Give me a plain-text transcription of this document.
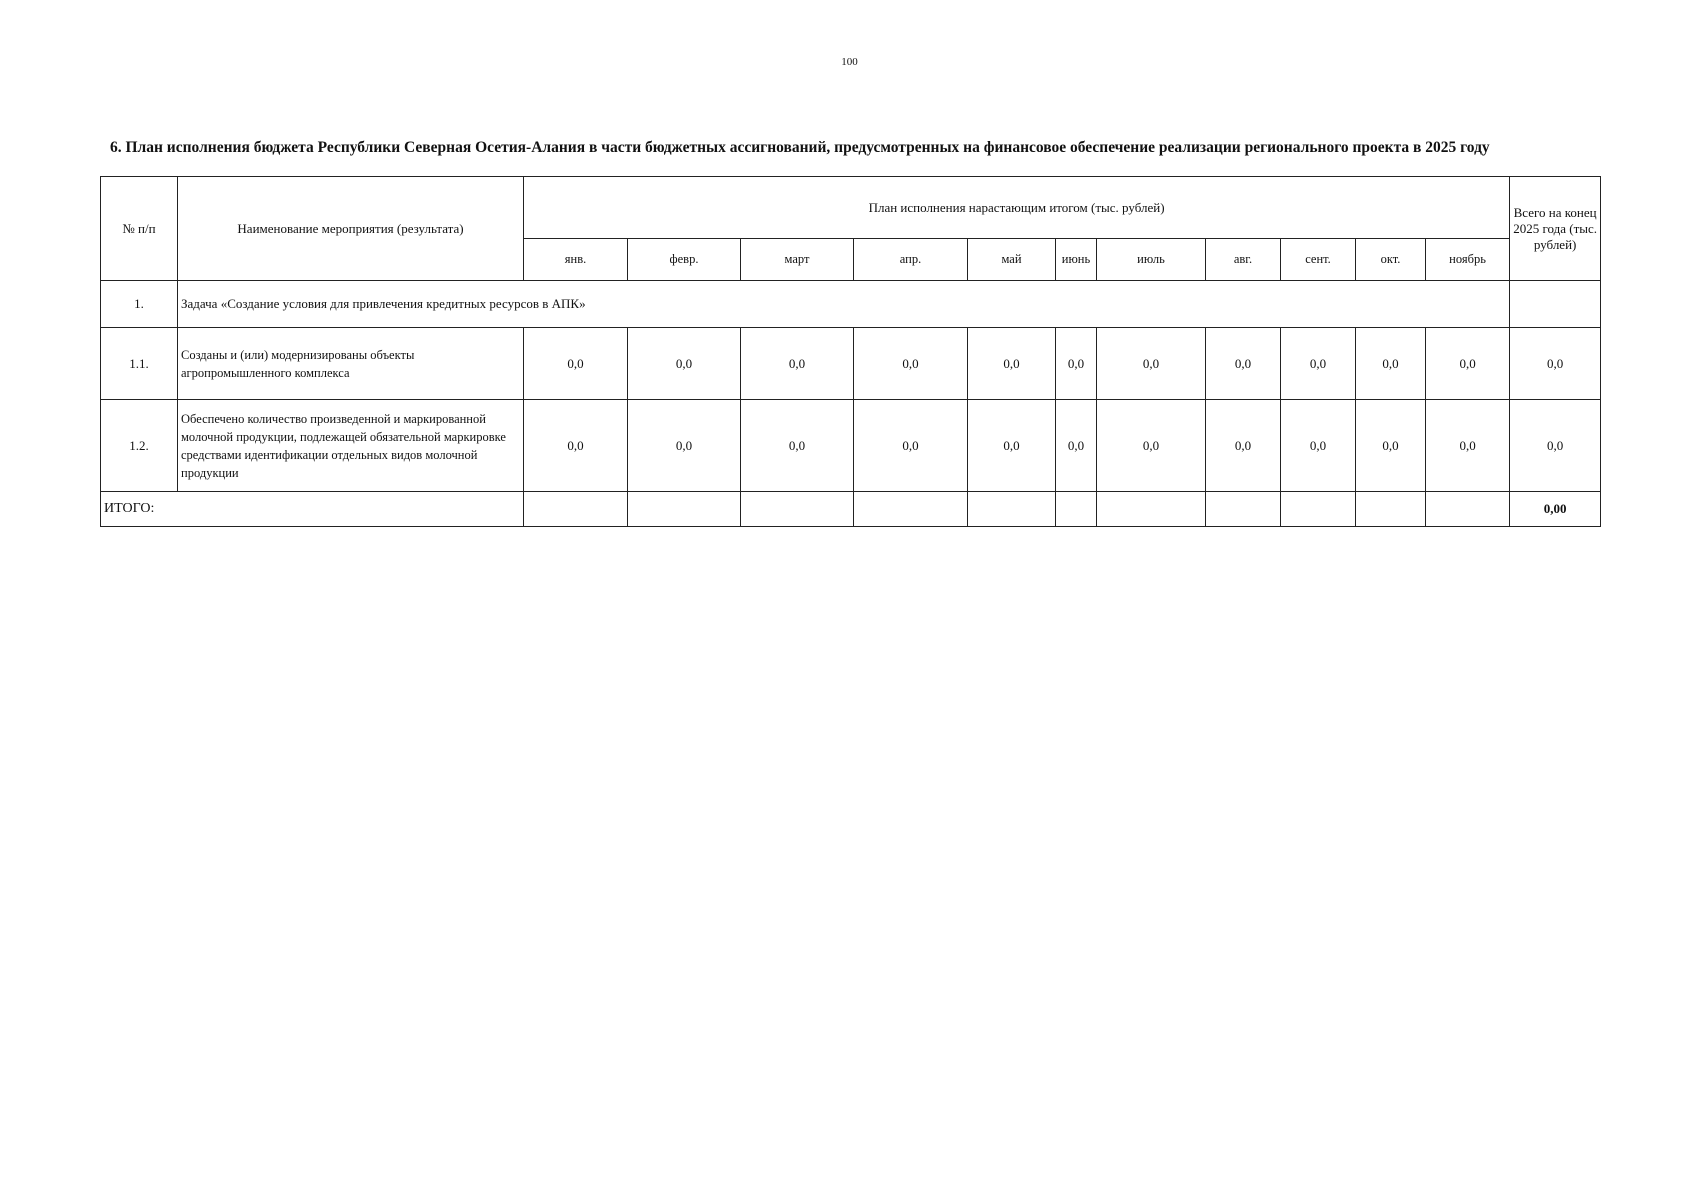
100
6. План исполнения бюджета Республики Северная Осетия-Алания в части бюджетных ассигнований, предусмотренных на финансовое обеспечение реализации регионального проекта в 2025 году
№ п/п	Наименование мероприятия (результата)	План исполнения нарастающим итогом (тыс. рублей)											Всего на конец 2025 года (тыс. рублей)
		янв.	февр.	март	апр.	май	июнь	июль	авг.	сент.	окт.	ноябрь	
1.	Задача «Создание условия для привлечения кредитных ресурсов в АПК»												
1.1.	Созданы и (или) модернизированы объекты агропромышленного комплекса	0,0	0,0	0,0	0,0	0,0	0,0	0,0	0,0	0,0	0,0	0,0	0,0
1.2.	Обеспечено количество произведенной и маркированной молочной продукции, подлежащей обязательной маркировке средствами идентификации отдельных видов молочной продукции	0,0	0,0	0,0	0,0	0,0	0,0	0,0	0,0	0,0	0,0	0,0	0,0
ИТОГО:													0,00
